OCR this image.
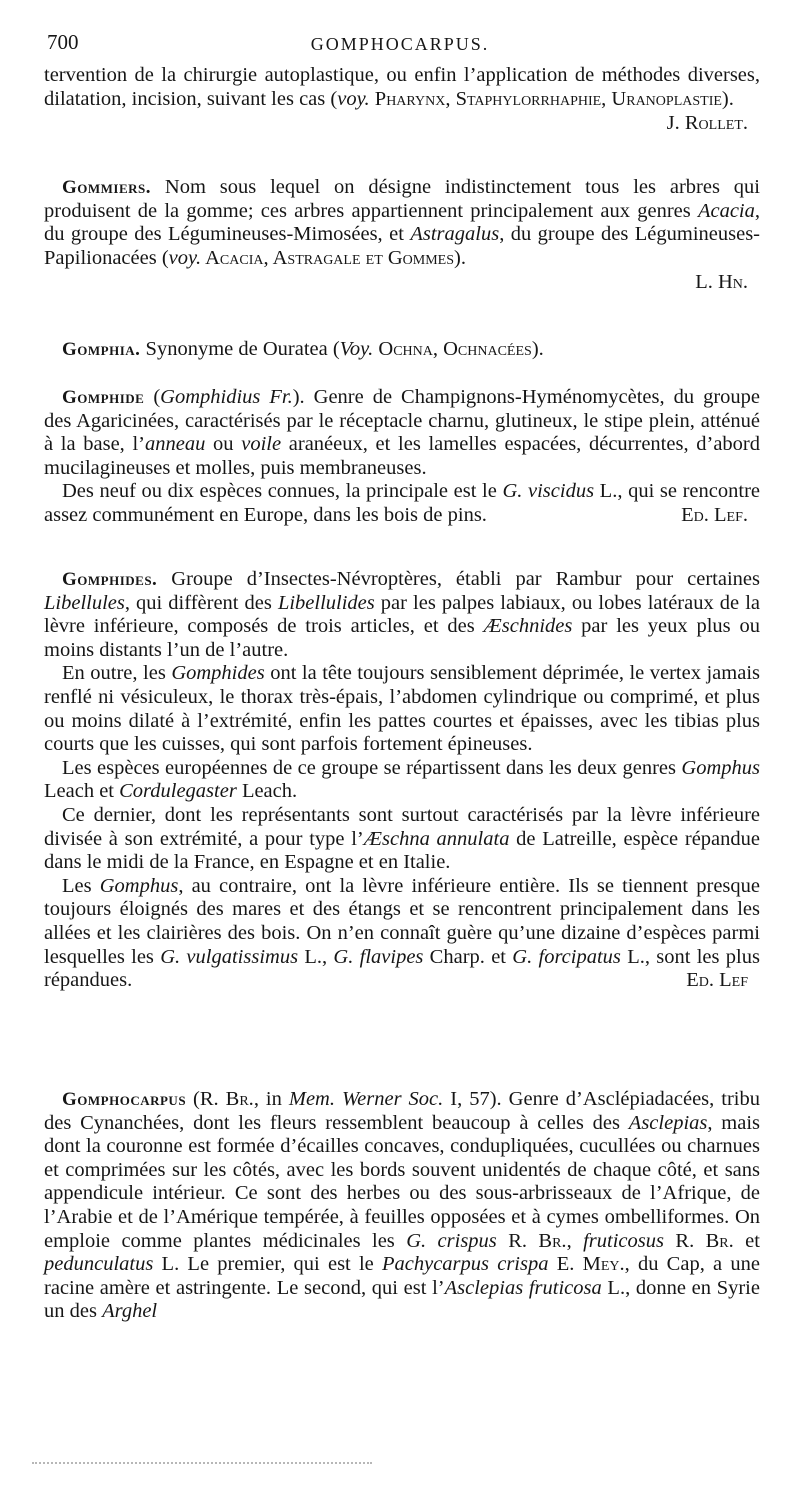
700	GOMPHOCARPUS.

tervention de la chirurgie autoplastique, ou enfin l’application de méthodes diverses, dilatation, incision, suivant les cas (voy. Pharynx, Staphylorrhaphie, Uranoplastie).

J. Rollet.

Gommiers. Nom sous lequel on désigne indistinctement tous les arbres qui produisent de la gomme; ces arbres appartiennent principalement aux genres Acacia, du groupe des Légumineuses-Mimosées, et Astragalus, du groupe des Légumineuses-Papilionacées (voy. Acacia, Astragale et Gommes).

L. Hn.

Gomphia. Synonyme de Ouratea (Voy. Ochna, Ochnacées).

Gomphide (Gomphidius Fr.). Genre de Champignons-Hyménomycètes, du groupe des Agaricinées, caractérisés par le réceptacle charnu, glutineux, le stipe plein, atténué à la base, l’anneau ou voile aranéeux, et les lamelles espacées, décurrentes, d’abord mucilagineuses et molles, puis membraneuses.

Des neuf ou dix espèces connues, la principale est le G. viscidus L., qui se rencontre assez communément en Europe, dans les bois de pins.	Ed. Lef.

Gomphides. Groupe d’Insectes-Névroptères, établi par Rambur pour certaines Libellules, qui diffèrent des Libellulides par les palpes labiaux, ou lobes latéraux de la lèvre inférieure, composés de trois articles, et des Æschnides par les yeux plus ou moins distants l’un de l’autre.

En outre, les Gomphides ont la tête toujours sensiblement déprimée, le vertex jamais renflé ni vésiculeux, le thorax très-épais, l’abdomen cylindrique ou comprimé, et plus ou moins dilaté à l’extrémité, enfin les pattes courtes et épaisses, avec les tibias plus courts que les cuisses, qui sont parfois fortement épineuses.

Les espèces européennes de ce groupe se répartissent dans les deux genres Gomphus Leach et Cordulegaster Leach.

Ce dernier, dont les représentants sont surtout caractérisés par la lèvre inférieure divisée à son extrémité, a pour type l’Æschna annulata de Latreille, espèce répandue dans le midi de la France, en Espagne et en Italie.

Les Gomphus, au contraire, ont la lèvre inférieure entière. Ils se tiennent presque toujours éloignés des mares et des étangs et se rencontrent principalement dans les allées et les clairières des bois. On n’en connaît guère qu’une dizaine d’espèces parmi lesquelles les G. vulgatissimus L., G. flavipes Charp. et G. forcipatus L., sont les plus répandues.	Ed. Lef

Gomphocarpus (R. Br., in Mem. Werner Soc. I, 57). Genre d’Asclépiadacées, tribu des Cynanchées, dont les fleurs ressemblent beaucoup à celles des Asclepias, mais dont la couronne est formée d’écailles concaves, condupliquées, cucullées ou charnues et comprimées sur les côtés, avec les bords souvent unidentés de chaque côté, et sans appendicule intérieur. Ce sont des herbes ou des sous-arbrisseaux de l’Afrique, de l’Arabie et de l’Amérique tempérée, à feuilles opposées et à cymes ombelliformes. On emploie comme plantes médicinales les G. crispus R. Br., fruticosus R. Br. et pedunculatus L. Le premier, qui est le Pachycarpus crispa E. Mey., du Cap, a une racine amère et astringente. Le second, qui est l’Asclepias fruticosa L., donne en Syrie un des Arghel
